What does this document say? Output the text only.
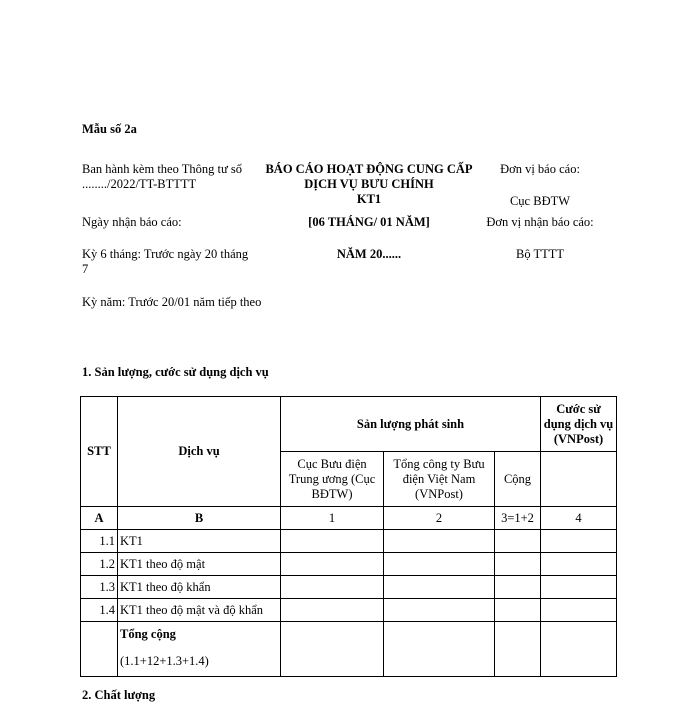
Mẫu số 2a
Ban hành kèm theo Thông tư số ......../2022/TT-BTTTT
BÁO CÁO HOẠT ĐỘNG CUNG CẤP DỊCH VỤ BƯU CHÍNH
KT1
Đơn vị báo cáo:
Cục BĐTW
Ngày nhận báo cáo:	[06 THÁNG/ 01 NĂM]	Đơn vị nhận báo cáo:
Kỳ 6 tháng: Trước ngày 20 tháng 7
NĂM 20......	Bộ TTTT
Kỳ năm: Trước 20/01 năm tiếp theo
1. Sản lượng, cước sử dụng dịch vụ
STT	Dịch vụ	Sản lượng phát sinh			Cước sử dụng dịch vụ (VNPost)
		Cục Bưu điện Trung ương (Cục BĐTW)	Tổng công ty Bưu điện Việt Nam (VNPost)	Cộng	
A	B	1	2	3=1+2	4
1.1	KT1				
1.2	KT1 theo độ mật				
1.3	KT1 theo độ khẩn				
1.4	KT1 theo độ mật và độ khẩn				

	Tổng cộng
(1.1+12+1.3+1.4)				

2. Chất lượng
